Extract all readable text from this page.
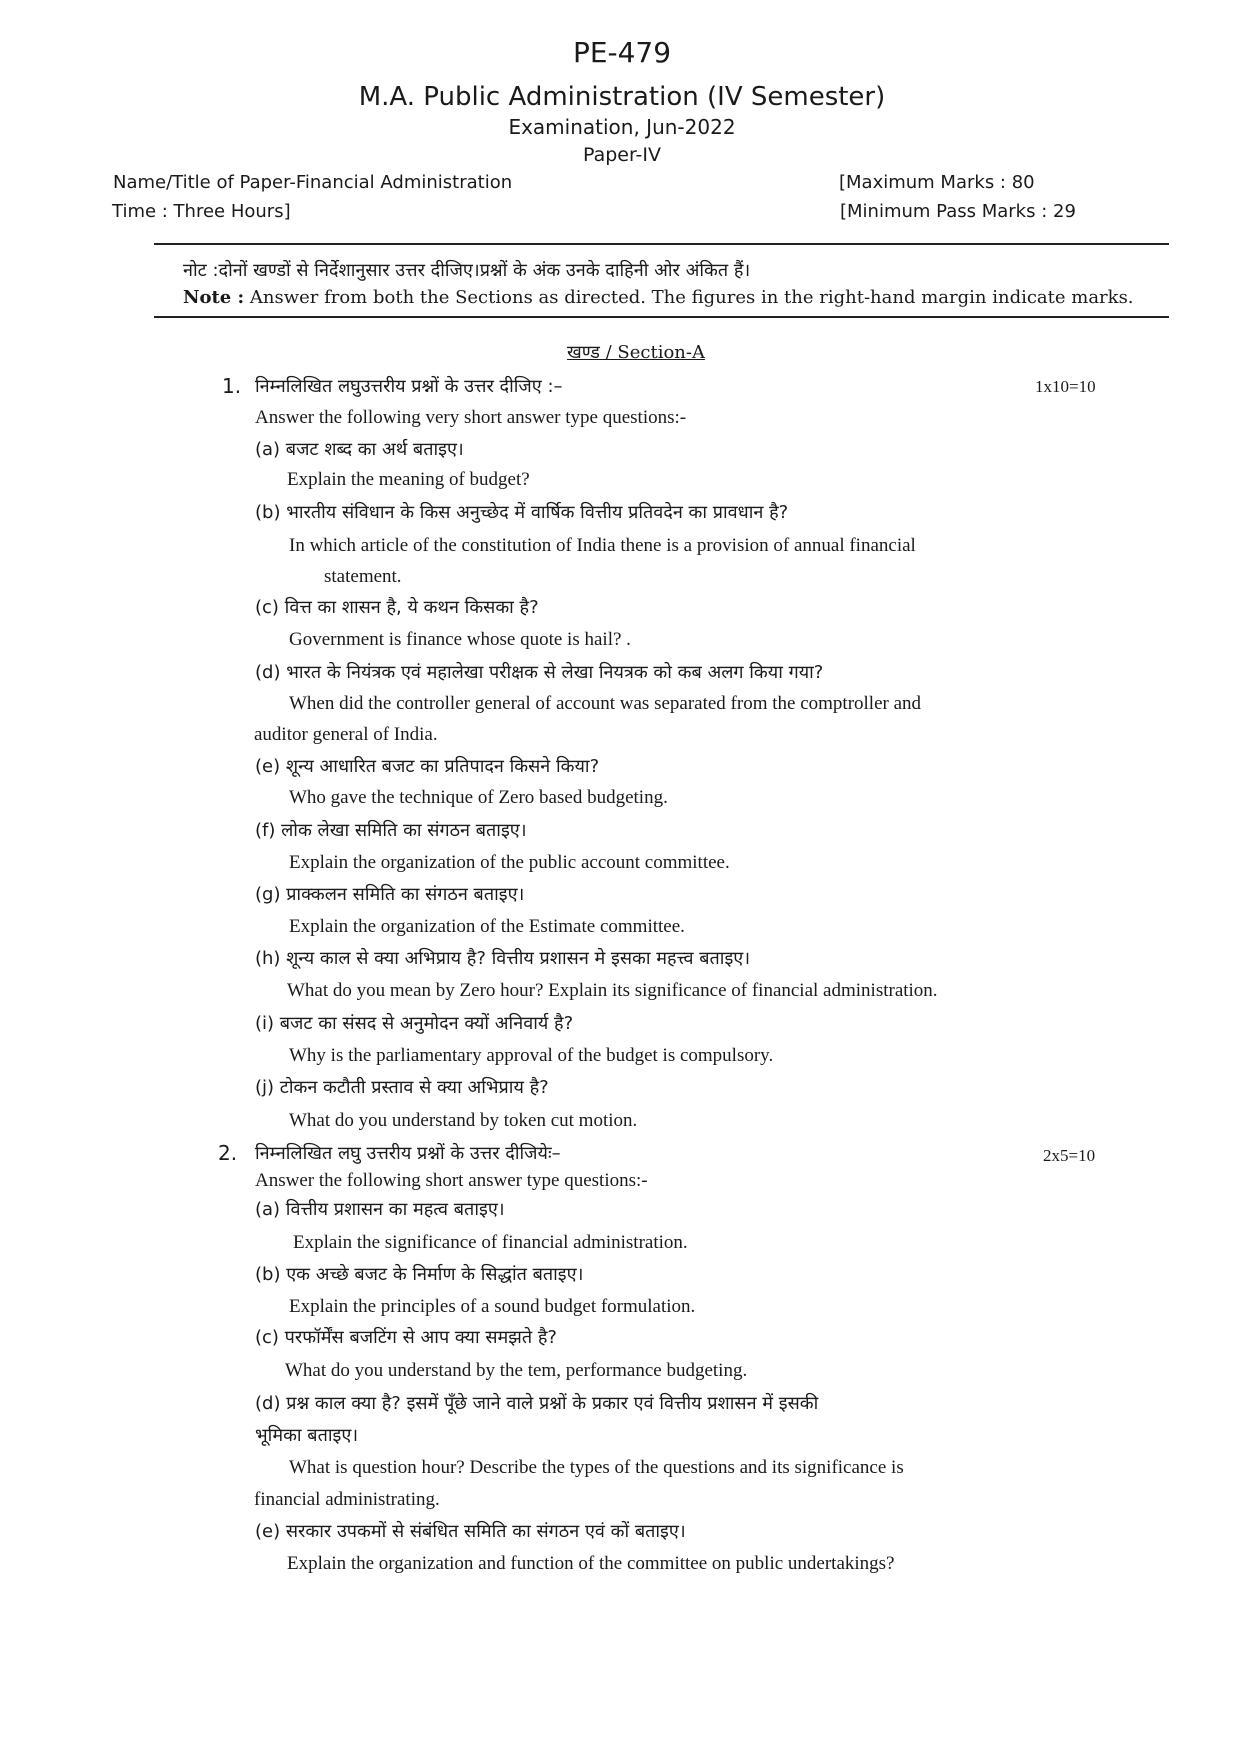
PE-479
M.A. Public Administration (IV Semester)
Examination, Jun-2022
Paper-IV
Name/Title of Paper-Financial Administration	[Maximum Marks : 80
Time : Three Hours]	[Minimum Pass Marks : 29
नोट :दोनों खण्डों से निर्देशानुसार उत्तर दीजिए।प्रश्नों के अंक उनके दाहिनी ओर अंकित हैं।
Note : Answer from both the Sections as directed. The figures in the right-hand margin indicate marks.
खण्ड / Section-A
1. निम्नलिखित लघुउत्तरीय प्रश्नों के उत्तर दीजिए :–	1x10=10
Answer the following very short answer type questions:-
(a) बजट शब्द का अर्थ बताइए।
Explain the meaning of budget?
(b) भारतीय संविधान के किस अनुच्छेद में वार्षिक वित्तीय प्रतिवदेन का प्रावधान है?
In which article of the constitution of India thene is a provision of annual financial
statement.
(c) वित्त का शासन है, ये कथन किसका है?
Government is finance whose quote is hail? .
(d) भारत के नियंत्रक एवं महालेखा परीक्षक से लेखा नियत्रक को कब अलग किया गया?
When did the controller general of account was separated from the comptroller and
auditor general of India.
(e) शून्य आधारित बजट का प्रतिपादन किसने किया?
Who gave the technique of Zero based budgeting.
(f) लोक लेखा समिति का संगठन बताइए।
Explain the organization of the public account committee.
(g) प्राक्कलन समिति का संगठन बताइए।
Explain the organization of the Estimate committee.
(h) शून्य काल से क्या अभिप्राय है? वित्तीय प्रशासन मे इसका महत्त्व बताइए।
What do you mean by Zero hour? Explain its significance of financial administration.
(i) बजट का संसद से अनुमोदन क्यों अनिवार्य है?
Why is the parliamentary approval of the budget is compulsory.
(j) टोकन कटौती प्रस्ताव से क्या अभिप्राय है?
What do you understand by token cut motion.
2. निम्नलिखित लघु उत्तरीय प्रश्नों के उत्तर दीजियेः–	2x5=10
Answer the following short answer type questions:-
(a) वित्तीय प्रशासन का महत्व बताइए।
Explain the significance of financial administration.
(b) एक अच्छे बजट के निर्माण के सिद्धांत बताइए।
Explain the principles of a sound budget formulation.
(c) परफॉर्मेंस बजटिंग से आप क्या समझते है?
What do you understand by the tem, performance budgeting.
(d) प्रश्न काल क्या है? इसमें पूँछे जाने वाले प्रश्नों के प्रकार एवं वित्तीय प्रशासन में इसकी
भूमिका बताइए।
What is question hour? Describe the types of the questions and its significance is
financial administrating.
(e) सरकार उपकमों से संबंधित समिति का संगठन एवं कों बताइए।
Explain the organization and function of the committee on public undertakings?
